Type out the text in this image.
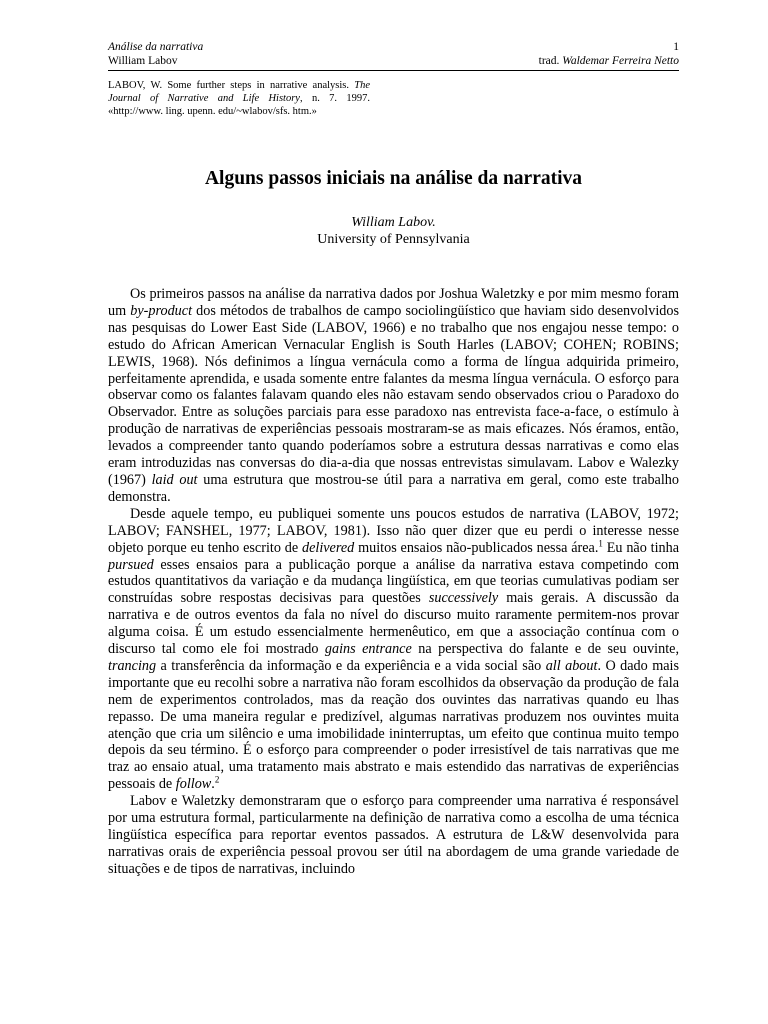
Análise da narrativa	1
William Labov	trad. Waldemar Ferreira Netto
LABOV, W. Some further steps in narrative analysis. The Journal of Narrative and Life History, n. 7. 1997. «http://www. ling. upenn. edu/~wlabov/sfs. htm.»
Alguns passos iniciais na análise da narrativa
William Labov.
University of Pennsylvania

Os primeiros passos na análise da narrativa dados por Joshua Waletzky e por mim mesmo foram um by-product dos métodos de trabalhos de campo sociolingüístico que haviam sido desenvolvidos nas pesquisas do Lower East Side (LABOV, 1966) e no trabalho que nos engajou nesse tempo: o estudo do African American Vernacular English is South Harles (LABOV; COHEN; ROBINS; LEWIS, 1968). Nós definimos a língua vernácula como a forma de língua adquirida primeiro, perfeitamente aprendida, e usada somente entre falantes da mesma língua vernácula. O esforço para observar como os falantes falavam quando eles não estavam sendo observados criou o Paradoxo do Observador. Entre as soluções parciais para esse paradoxo nas entrevista face-a-face, o estímulo à produção de narrativas de experiências pessoais mostraram-se as mais eficazes. Nós éramos, então, levados a compreender tanto quando poderíamos sobre a estrutura dessas narrativas e como elas eram introduzidas nas conversas do dia-a-dia que nossas entrevistas simulavam. Labov e Walezky (1967) laid out uma estrutura que mostrou-se útil para a narrativa em geral, como este trabalho demonstra.

Desde aquele tempo, eu publiquei somente uns poucos estudos de narrativa (LABOV, 1972; LABOV; FANSHEL, 1977; LABOV, 1981). Isso não quer dizer que eu perdi o interesse nesse objeto porque eu tenho escrito de delivered muitos ensaios não-publicados nessa área.$^1$ Eu não tinha pursued esses ensaios para a publicação porque a análise da narrativa estava competindo com estudos quantitativos da variação e da mudança lingüística, em que teorias cumulativas podiam ser construídas sobre respostas decisivas para questões successively mais gerais. A discussão da narrativa e de outros eventos da fala no nível do discurso muito raramente permitem-nos provar alguma coisa. É um estudo essencialmente hermenêutico, em que a associação contínua com o discurso tal como ele foi mostrado gains entrance na perspectiva do falante e de seu ouvinte, trancing a transferência da informação e da experiência e a vida social são all about. O dado mais importante que eu recolhi sobre a narrativa não foram escolhidos da observação da produção de fala nem de experimentos controlados, mas da reação dos ouvintes das narrativas quando eu lhas repasso. De uma maneira regular e predizível, algumas narrativas produzem nos ouvintes muita atenção que cria um silêncio e uma imobilidade ininterruptas, um efeito que continua muito tempo depois da seu término. É o esforço para compreender o poder irresistível de tais narrativas que me traz ao ensaio atual, uma tratamento mais abstrato e mais estendido das narrativas de experiências pessoais de follow.$^2$

Labov e Waletzky demonstraram que o esforço para compreender uma narrativa é responsável por uma estrutura formal, particularmente na definição de narrativa como a escolha de uma técnica lingüística específica para reportar eventos passados. A estrutura de L&W desenvolvida para narrativas orais de experiência pessoal provou ser útil na abordagem de uma grande variedade de situações e de tipos de narrativas, incluindo
